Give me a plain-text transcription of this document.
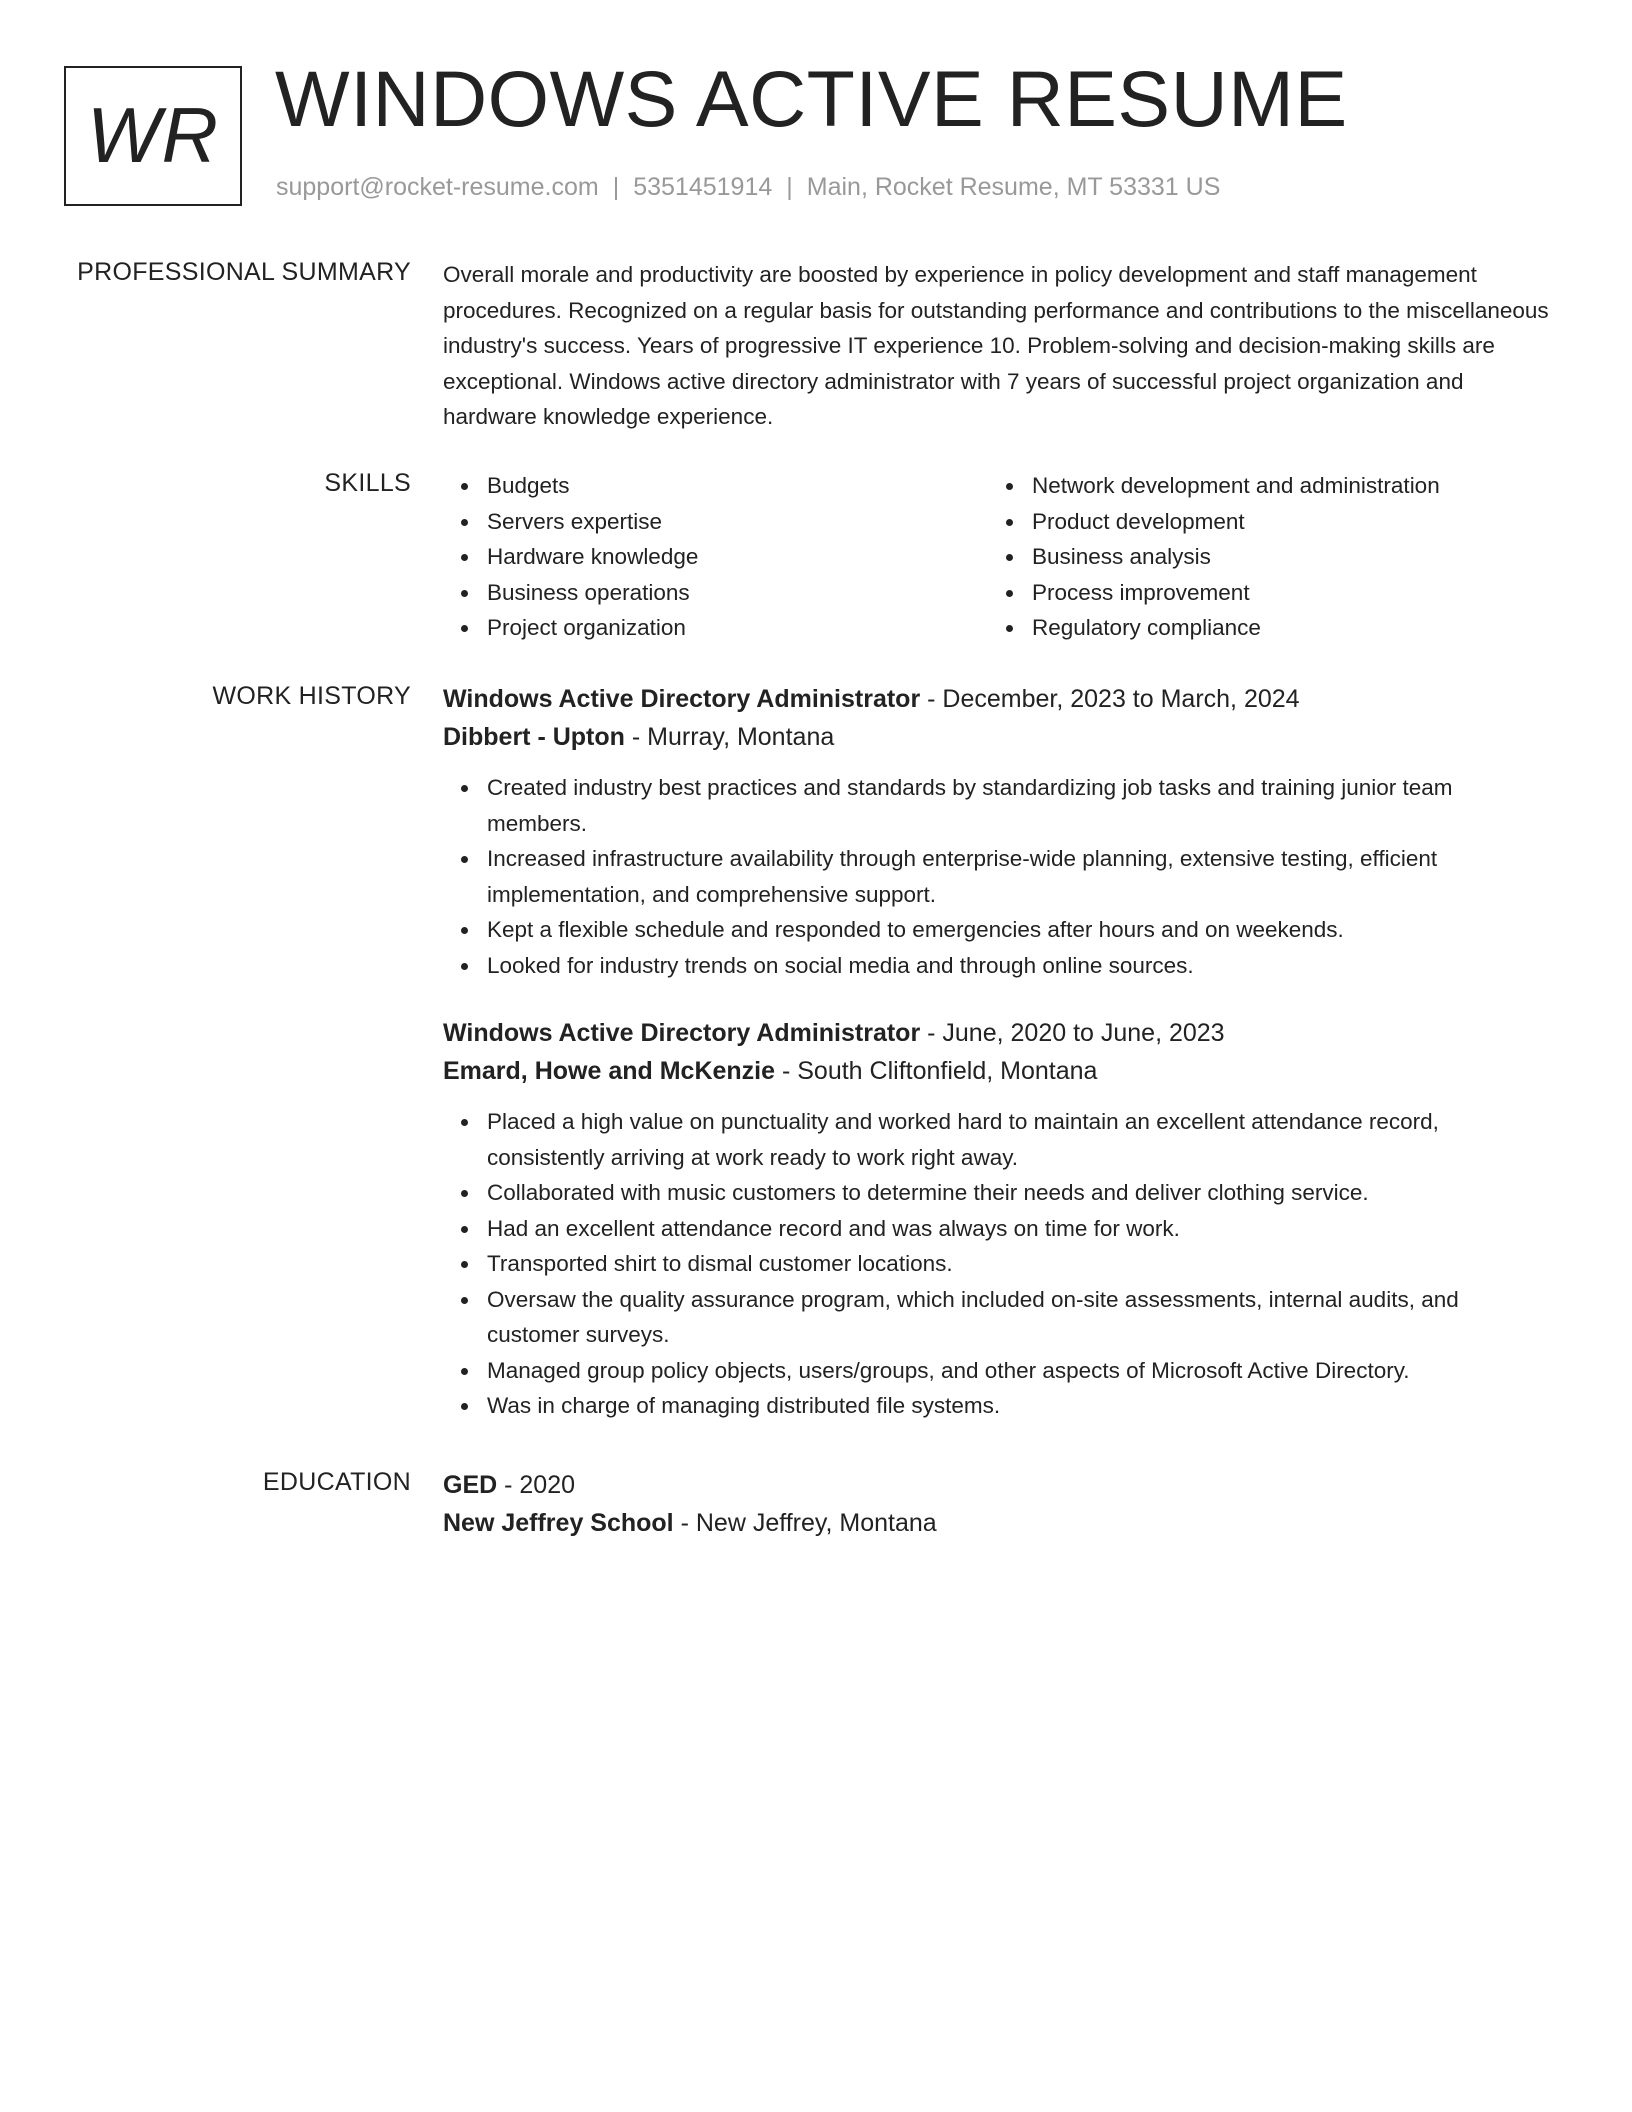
WR WINDOWS ACTIVE RESUME
support@rocket-resume.com | 5351451914 | Main, Rocket Resume, MT 53331 US
PROFESSIONAL SUMMARY Overall morale and productivity are boosted by experience in policy development and staff management procedures. Recognized on a regular basis for outstanding performance and contributions to the miscellaneous industry's success. Years of progressive IT experience 10. Problem-solving and decision-making skills are exceptional. Windows active directory administrator with 7 years of successful project organization and hardware knowledge experience.

SKILLS	Budgets
Servers expertise
Hardware knowledge
Business operations
Project organization
Network development and administration
Product development
Business analysis
Process improvement
Regulatory compliance
WORK HISTORY Windows Active Directory Administrator - December, 2023 to March, 2024
Dibbert - Upton - Murray, Montana
Created industry best practices and standards by standardizing job tasks and training junior team members.
Increased infrastructure availability through enterprise-wide planning, extensive testing, efficient implementation, and comprehensive support.
Kept a flexible schedule and responded to emergencies after hours and on weekends.
Looked for industry trends on social media and through online sources.
Windows Active Directory Administrator - June, 2020 to June, 2023
Emard, Howe and McKenzie - South Cliftonfield, Montana
Placed a high value on punctuality and worked hard to maintain an excellent attendance record, consistently arriving at work ready to work right away.
Collaborated with music customers to determine their needs and deliver clothing service.
Had an excellent attendance record and was always on time for work.
Transported shirt to dismal customer locations.
Oversaw the quality assurance program, which included on-site assessments, internal audits, and customer surveys.
Managed group policy objects, users/groups, and other aspects of Microsoft Active Directory.
Was in charge of managing distributed file systems.
EDUCATION GED - 2020
New Jeffrey School - New Jeffrey, Montana
